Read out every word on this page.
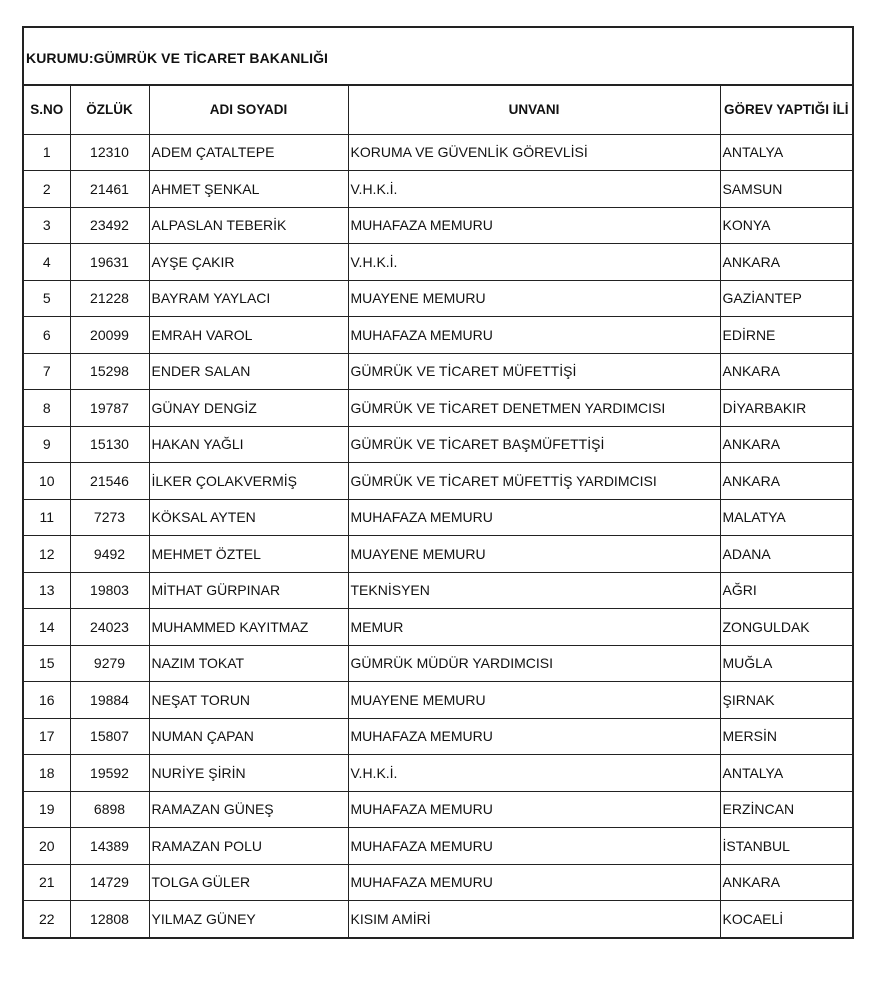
KURUMU:GÜMRÜK VE TİCARET BAKANLIĞI
S.NO	ÖZLÜK	ADI SOYADI	UNVANI	GÖREV YAPTIĞI İLİ
1	12310	ADEM ÇATALTEPE	KORUMA VE GÜVENLİK GÖREVLİSİ	ANTALYA
2	21461	AHMET ŞENKAL	V.H.K.İ.	SAMSUN
3	23492	ALPASLAN TEBERİK	MUHAFAZA MEMURU	KONYA
4	19631	AYŞE ÇAKIR	V.H.K.İ.	ANKARA
5	21228	BAYRAM YAYLACI	MUAYENE MEMURU	GAZİANTEP
6	20099	EMRAH VAROL	MUHAFAZA MEMURU	EDİRNE
7	15298	ENDER SALAN	GÜMRÜK VE TİCARET MÜFETTİŞİ	ANKARA
8	19787	GÜNAY DENGİZ	GÜMRÜK VE TİCARET DENETMEN YARDIMCISI	DİYARBAKIR
9	15130	HAKAN YAĞLI	GÜMRÜK VE TİCARET BAŞMÜFETTİŞİ	ANKARA
10	21546	İLKER ÇOLAKVERMİŞ	GÜMRÜK VE TİCARET MÜFETTİŞ YARDIMCISI	ANKARA
11	7273	KÖKSAL AYTEN	MUHAFAZA MEMURU	MALATYA
12	9492	MEHMET ÖZTEL	MUAYENE MEMURU	ADANA
13	19803	MİTHAT GÜRPINAR	TEKNİSYEN	AĞRI
14	24023	MUHAMMED KAYITMAZ	MEMUR	ZONGULDAK
15	9279	NAZIM TOKAT	GÜMRÜK MÜDÜR YARDIMCISI	MUĞLA
16	19884	NEŞAT TORUN	MUAYENE MEMURU	ŞIRNAK
17	15807	NUMAN ÇAPAN	MUHAFAZA MEMURU	MERSİN
18	19592	NURİYE ŞİRİN	V.H.K.İ.	ANTALYA
19	6898	RAMAZAN GÜNEŞ	MUHAFAZA MEMURU	ERZİNCAN
20	14389	RAMAZAN POLU	MUHAFAZA MEMURU	İSTANBUL
21	14729	TOLGA GÜLER	MUHAFAZA MEMURU	ANKARA
22	12808	YILMAZ GÜNEY	KISIM AMİRİ	KOCAELİ
